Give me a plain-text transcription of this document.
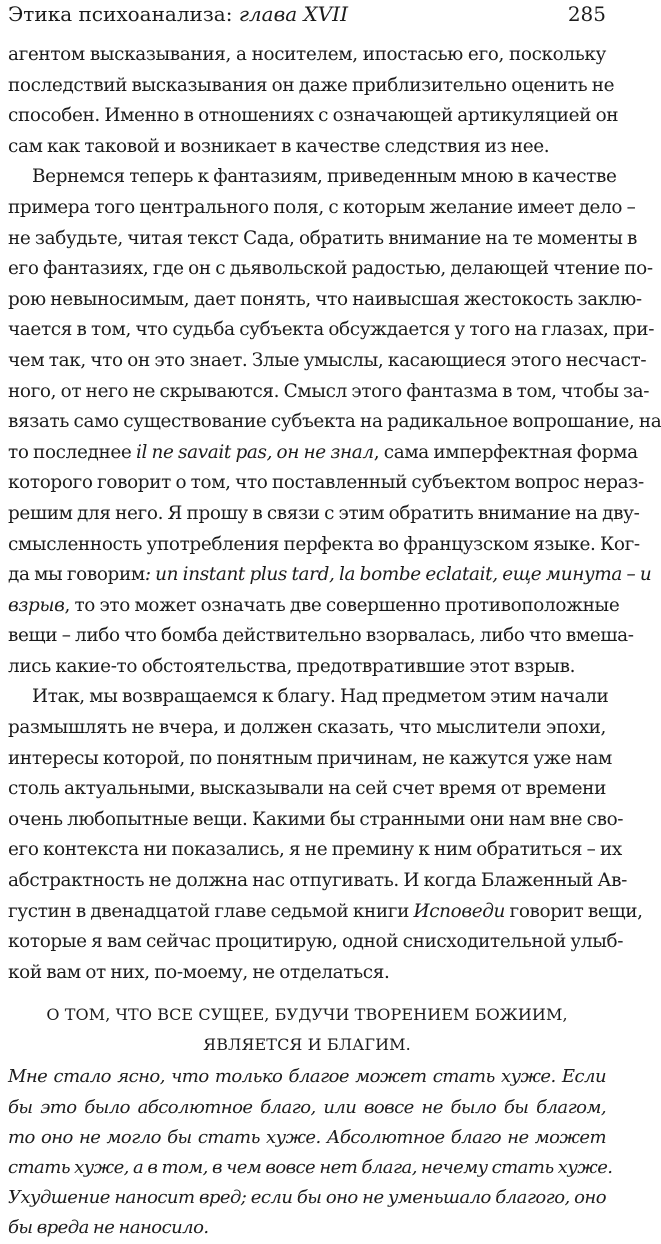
Этика психоанализа: глава XVII	285
агентом высказывания, а носителем, ипостасью его, поскольку
последствий высказывания он даже приблизительно оценить не
способен. Именно в отношениях с означающей артикуляцией он
сам как таковой и возникает в качестве следствия из нее.
Вернемся теперь к фантазиям, приведенным мною в качестве
примера того центрального поля, с которым желание имеет дело –
не забудьте, читая текст Сада, обратить внимание на те моменты в
его фантазиях, где он с дьявольской радостью, делающей чтение по-
рою невыносимым, дает понять, что наивысшая жестокость заклю-
чается в том, что судьба субъекта обсуждается у того на глазах, при-
чем так, что он это знает. Злые умыслы, касающиеся этого несчаст-
ного, от него не скрываются. Смысл этого фантазма в том, чтобы за-
вязать само существование субъекта на радикальное вопрошание, на
то последнее il ne savait pas, он не знал, сама имперфектная форма
которого говорит о том, что поставленный субъектом вопрос нераз-
решим для него. Я прошу в связи с этим обратить внимание на дву-
смысленность употребления перфекта во французском языке. Ког-
да мы говорим: un instant plus tard, la bombe eclatait, еще минута – и
взрыв, то это может означать две совершенно противоположные
вещи – либо что бомба действительно взорвалась, либо что вмеша-
лись какие-то обстоятельства, предотвратившие этот взрыв.
Итак, мы возвращаемся к благу. Над предметом этим начали
размышлять не вчера, и должен сказать, что мыслители эпохи,
интересы которой, по понятным причинам, не кажутся уже нам
столь актуальными, высказывали на сей счет время от времени
очень любопытные вещи. Какими бы странными они нам вне сво-
его контекста ни показались, я не премину к ним обратиться – их
абстрактность не должна нас отпугивать. И когда Блаженный Ав-
густин в двенадцатой главе седьмой книги Исповеди говорит вещи,
которые я вам сейчас процитирую, одной снисходительной улыб-
кой вам от них, по-моему, не отделаться.
О ТОМ, ЧТО ВСЕ СУЩЕЕ, БУДУЧИ ТВОРЕНИЕМ БОЖИИМ,
ЯВЛЯЕТСЯ И БЛАГИМ.
Мне стало ясно, что только благое может стать хуже. Если
бы это было абсолютное благо, или вовсе не было бы благом,
то оно не могло бы стать хуже. Абсолютное благо не может
стать хуже, а в том, в чем вовсе нет блага, нечему стать хуже.
Ухудшение наносит вред; если бы оно не уменьшало благого, оно
бы вреда не наносило.
